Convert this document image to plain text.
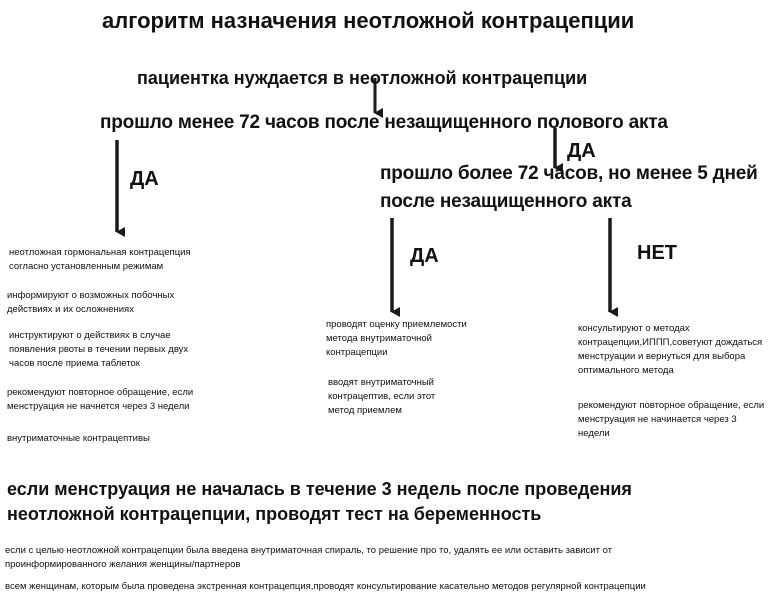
алгоритм назначения неотложной контрацепции
пациентка нуждается в неотложной контрацепции
прошло менее 72 часов после незащищенного полового акта
ДА
ДА
прошло более 72 часов, но менее 5 дней
после незащищенного акта
ДА	НЕТ
неотложная гормональная контрацепция согласно установленным режимам
информируют о возможных побочных действиях и их осложнениях
инструктируют о действиях в случае появления рвоты в течении первых двух часов после приема таблеток
рекомендуют повторное обращение, если менструация не начнется через 3 недели
внутриматочные контрацептивы
проводят оценку приемлемости метода внутриматочной контрацепции
вводят внутриматочный контрацептив, если этот метод приемлем
консультируют о методах контрацепции,ИППП,советуют дождаться менструации и вернуться для выбора оптимального метода
рекомендуют повторное обращение, если менструация не начинается через 3 недели
если менструация не началась в течение 3 недель после проведения неотложной контрацепции, проводят тест на беременность
если с целью неотложной контрацепции была введена внутриматочная спираль, то решение про то, удалять ее или оставить зависит от проинформированного желания женщины/партнеров
всем женщинам, которым была проведена экстренная контрацепция,проводят консультирование касательно методов регулярной контрацепции
